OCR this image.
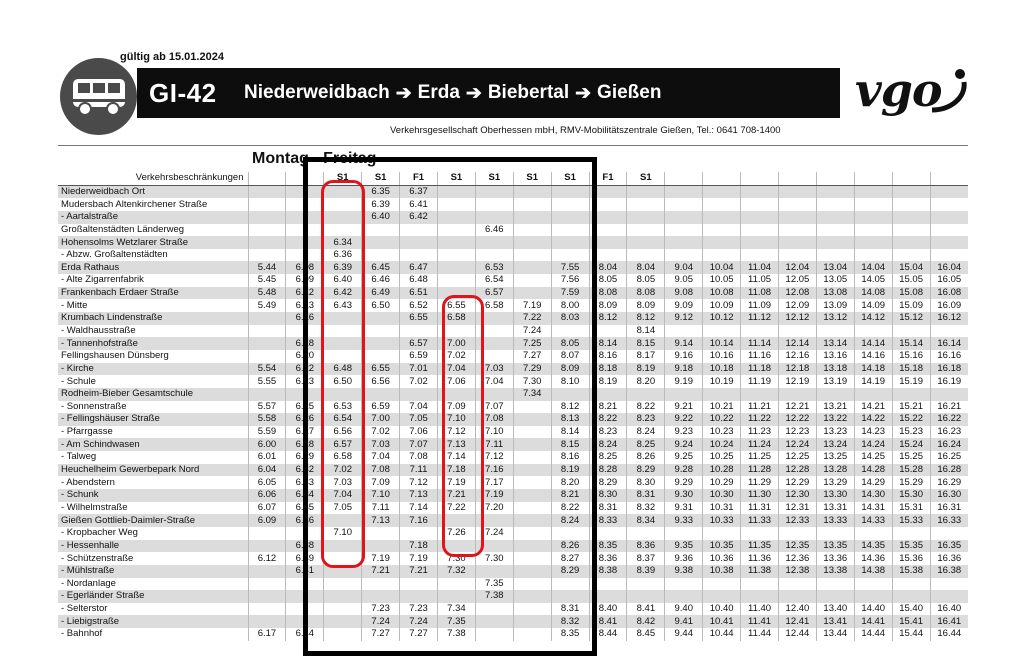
gültig ab 15.01.2024
GI-42	Niederweidbach ➔ Erda ➔ Biebertal ➔ Gießen	vgo
Verkehrsgesellschaft Oberhessen mbH, RMV-Mobilitätszentrale Gießen, Tel.: 0641 708-1400
Montag - Freitag
Verkehrsbeschränkungen			S1	S1	F1	S1	S1	S1	S1	F1	S1								
Niederweidbach Ort				6.35	6.37														
Mudersbach Altenkirchener Straße				6.39	6.41														
- Aartalstraße				6.40	6.42														
Großaltenstädten Länderweg							6.46												
Hohensolms Wetzlarer Straße			6.34																
- Abzw. Großaltenstädten			6.36																
Erda Rathaus	5.44	6.08	6.39	6.45	6.47		6.53		7.55	8.04	8.04	9.04	10.04	11.04	12.04	13.04	14.04	15.04	16.04
- Alte Zigarrenfabrik	5.45	6.09	6.40	6.46	6.48		6.54		7.56	8.05	8.05	9.05	10.05	11.05	12.05	13.05	14.05	15.05	16.05
Frankenbach Erdaer Straße	5.48	6.12	6.42	6.49	6.51		6.57		7.59	8.08	8.08	9.08	10.08	11.08	12.08	13.08	14.08	15.08	16.08
- Mitte	5.49	6.13	6.43	6.50	6.52	6.55	6.58	7.19	8.00	8.09	8.09	9.09	10.09	11.09	12.09	13.09	14.09	15.09	16.09
Krumbach Lindenstraße		6.16			6.55	6.58		7.22	8.03	8.12	8.12	9.12	10.12	11.12	12.12	13.12	14.12	15.12	16.12
- Waldhausstraße								7.24			8.14								
- Tannenhofstraße		6.18			6.57	7.00		7.25	8.05	8.14	8.15	9.14	10.14	11.14	12.14	13.14	14.14	15.14	16.14
Fellingshausen Dünsberg		6.20			6.59	7.02		7.27	8.07	8.16	8.17	9.16	10.16	11.16	12.16	13.16	14.16	15.16	16.16
- Kirche	5.54	6.22	6.48	6.55	7.01	7.04	7.03	7.29	8.09	8.18	8.19	9.18	10.18	11.18	12.18	13.18	14.18	15.18	16.18
- Schule	5.55	6.23	6.50	6.56	7.02	7.06	7.04	7.30	8.10	8.19	8.20	9.19	10.19	11.19	12.19	13.19	14.19	15.19	16.19
Rodheim-Bieber Gesamtschule								7.34											
- Sonnenstraße	5.57	6.25	6.53	6.59	7.04	7.09	7.07		8.12	8.21	8.22	9.21	10.21	11.21	12.21	13.21	14.21	15.21	16.21
- Fellingshäuser Straße	5.58	6.26	6.54	7.00	7.05	7.10	7.08		8.13	8.22	8.23	9.22	10.22	11.22	12.22	13.22	14.22	15.22	16.22
- Pfarrgasse	5.59	6.27	6.56	7.02	7.06	7.12	7.10		8.14	8.23	8.24	9.23	10.23	11.23	12.23	13.23	14.23	15.23	16.23
- Am Schindwasen	6.00	6.28	6.57	7.03	7.07	7.13	7.11		8.15	8.24	8.25	9.24	10.24	11.24	12.24	13.24	14.24	15.24	16.24
- Talweg	6.01	6.29	6.58	7.04	7.08	7.14	7.12		8.16	8.25	8.26	9.25	10.25	11.25	12.25	13.25	14.25	15.25	16.25
Heuchelheim Gewerbepark Nord	6.04	6.32	7.02	7.08	7.11	7.18	7.16		8.19	8.28	8.29	9.28	10.28	11.28	12.28	13.28	14.28	15.28	16.28
- Abendstern	6.05	6.33	7.03	7.09	7.12	7.19	7.17		8.20	8.29	8.30	9.29	10.29	11.29	12.29	13.29	14.29	15.29	16.29
- Schunk	6.06	6.34	7.04	7.10	7.13	7.21	7.19		8.21	8.30	8.31	9.30	10.30	11.30	12.30	13.30	14.30	15.30	16.30
- Wilhelmstraße	6.07	6.35	7.05	7.11	7.14	7.22	7.20		8.22	8.31	8.32	9.31	10.31	11.31	12.31	13.31	14.31	15.31	16.31
Gießen Gottlieb-Daimler-Straße	6.09	6.36		7.13	7.16				8.24	8.33	8.34	9.33	10.33	11.33	12.33	13.33	14.33	15.33	16.33
- Kropbacher Weg			7.10			7.26	7.24												
- Hessenhalle		6.38			7.18				8.26	8.35	8.36	9.35	10.35	11.35	12.35	13.35	14.35	15.35	16.35
- Schützenstraße	6.12	6.39		7.19	7.19	7.30	7.30		8.27	8.36	8.37	9.36	10.36	11.36	12.36	13.36	14.36	15.36	16.36
- Mühlstraße		6.41		7.21	7.21	7.32			8.29	8.38	8.39	9.38	10.38	11.38	12.38	13.38	14.38	15.38	16.38
- Nordanlage							7.35												
- Egerländer Straße							7.38												
- Selterstor				7.23	7.23	7.34			8.31	8.40	8.41	9.40	10.40	11.40	12.40	13.40	14.40	15.40	16.40
- Liebigstraße				7.24	7.24	7.35			8.32	8.41	8.42	9.41	10.41	11.41	12.41	13.41	14.41	15.41	16.41
- Bahnhof	6.17	6.44		7.27	7.27	7.38			8.35	8.44	8.45	9.44	10.44	11.44	12.44	13.44	14.44	15.44	16.44
